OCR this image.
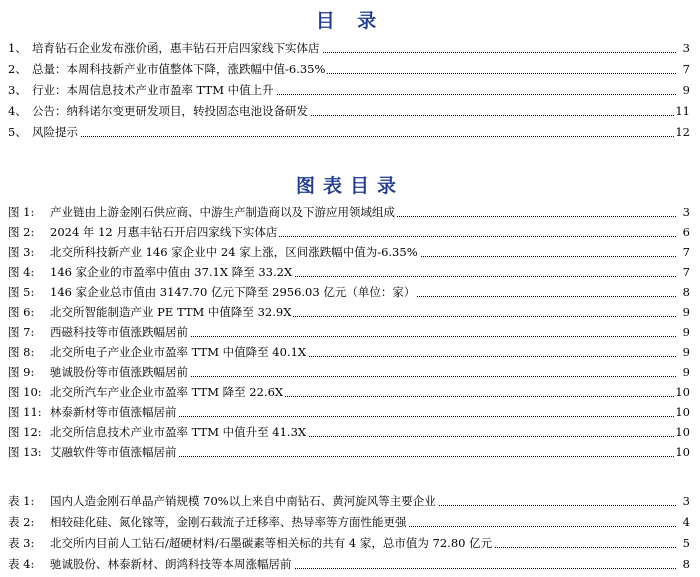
目 录
1、 培育钻石企业发布涨价函，惠丰钻石开启四家线下实体店	3
2、 总量：本周科技新产业市值整体下降，涨跌幅中值-6.35%	7
3、 行业：本周信息技术产业市盈率 TTM 中值上升	9
4、 公告：纳科诺尔变更研发项目，转投固态电池设备研发	11
5、 风险提示	12
图表目录
图 1: 产业链由上游金刚石供应商、中游生产制造商以及下游应用领域组成	3
图 2: 2024 年 12 月惠丰钻石开启四家线下实体店	6
图 3: 北交所科技新产业 146 家企业中 24 家上涨，区间涨跌幅中值为-6.35%	7
图 4: 146 家企业的市盈率中值由 37.1X 降至 33.2X	7
图 5: 146 家企业总市值由 3147.70 亿元下降至 2956.03 亿元（单位：家）	8
图 6: 北交所智能制造产业 PE TTM 中值降至 32.9X	9
图 7: 西磁科技等市值涨跌幅居前	9
图 8: 北交所电子产业企业市盈率 TTM 中值降至 40.1X	9
图 9: 驰诚股份等市值涨跌幅居前	9
图 10: 北交所汽车产业企业市盈率 TTM 降至 22.6X	10
图 11: 林泰新材等市值涨幅居前	10
图 12: 北交所信息技术产业市盈率 TTM 中值升至 41.3X	10
图 13: 艾融软件等市值涨幅居前	10
表 1: 国内人造金刚石单晶产销规模 70%以上来自中南钻石、黄河旋风等主要企业	3
表 2: 相较硅化硅、氮化镓等，金刚石载流子迁移率、热导率等方面性能更强	4
表 3: 北交所内目前人工钻石/超硬材料/石墨碳素等相关标的共有 4 家，总市值为 72.80 亿元	5
表 4: 驰诚股份、林泰新材、朗鸿科技等本周涨幅居前	8
